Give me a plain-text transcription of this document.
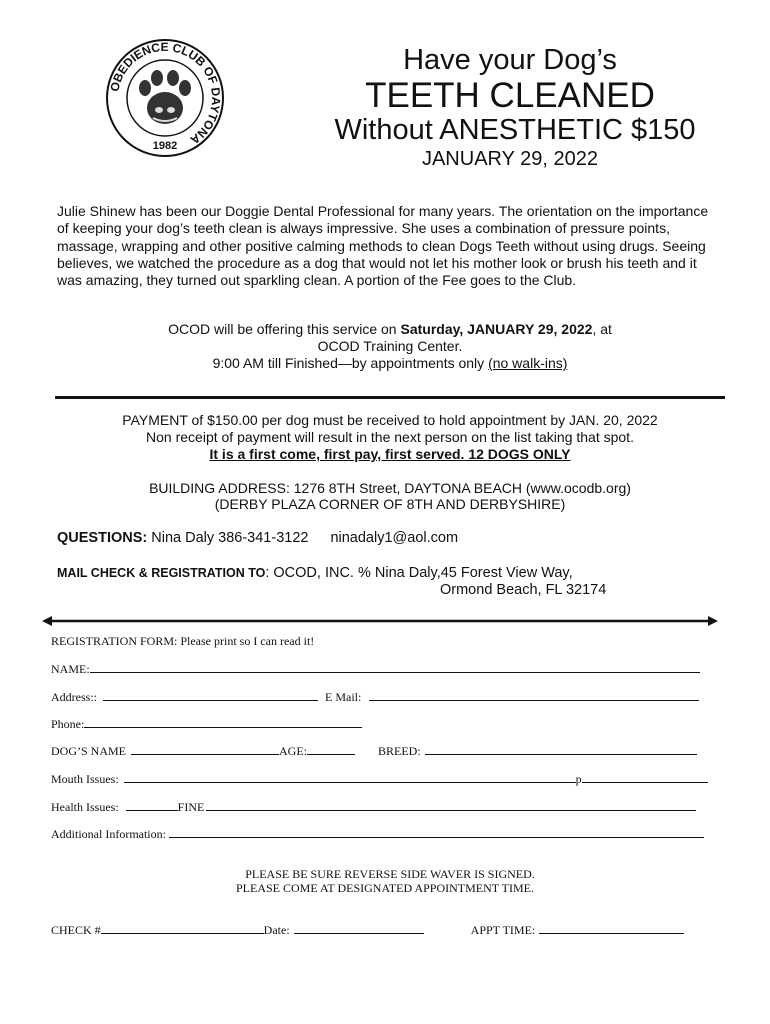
OBEDIENCE CLUB OF DAYTONA
1982
Have your Dog’s
TEETH CLEANED
Without ANESTHETIC $150
JANUARY 29, 2022
Julie Shinew has been our Doggie Dental Professional for many years. The orientation on the importance of keeping your dog’s teeth clean is always impressive. She uses a combination of pressure points, massage, wrapping and other positive calming methods to clean Dogs Teeth without using drugs. Seeing believes, we watched the procedure as a dog that would not let his mother look or brush his teeth and it was amazing, they turned out sparkling clean. A portion of the Fee goes to the Club.
OCOD will be offering this service on Saturday, JANUARY 29, 2022, at
OCOD Training Center.
9:00 AM till Finished—by appointments only (no walk-ins)
PAYMENT of $150.00 per dog must be received to hold appointment by JAN. 20, 2022
Non receipt of payment will result in the next person on the list taking that spot.
It is a first come, first pay, first served. 12 DOGS ONLY
BUILDING ADDRESS: 1276 8TH Street, DAYTONA BEACH (www.ocodb.org)
(DERBY PLAZA CORNER OF 8TH AND DERBYSHIRE)
QUESTIONS: Nina Daly 386-341-3122 ninadaly1@aol.com
MAIL CHECK & REGISTRATION TO: OCOD, INC. % Nina Daly,45 Forest View Way,
Ormond Beach, FL 32174
REGISTRATION FORM: Please print so I can read it!
NAME:
Address::	E Mail:
Phone:
DOG’S NAME	AGE:	BREED:
Mouth Issues:	p
Health Issues:	FINE
Additional Information:
PLEASE BE SURE REVERSE SIDE WAVER IS SIGNED.
PLEASE COME AT DESIGNATED APPOINTMENT TIME.
CHECK #	Date:	APPT TIME:
